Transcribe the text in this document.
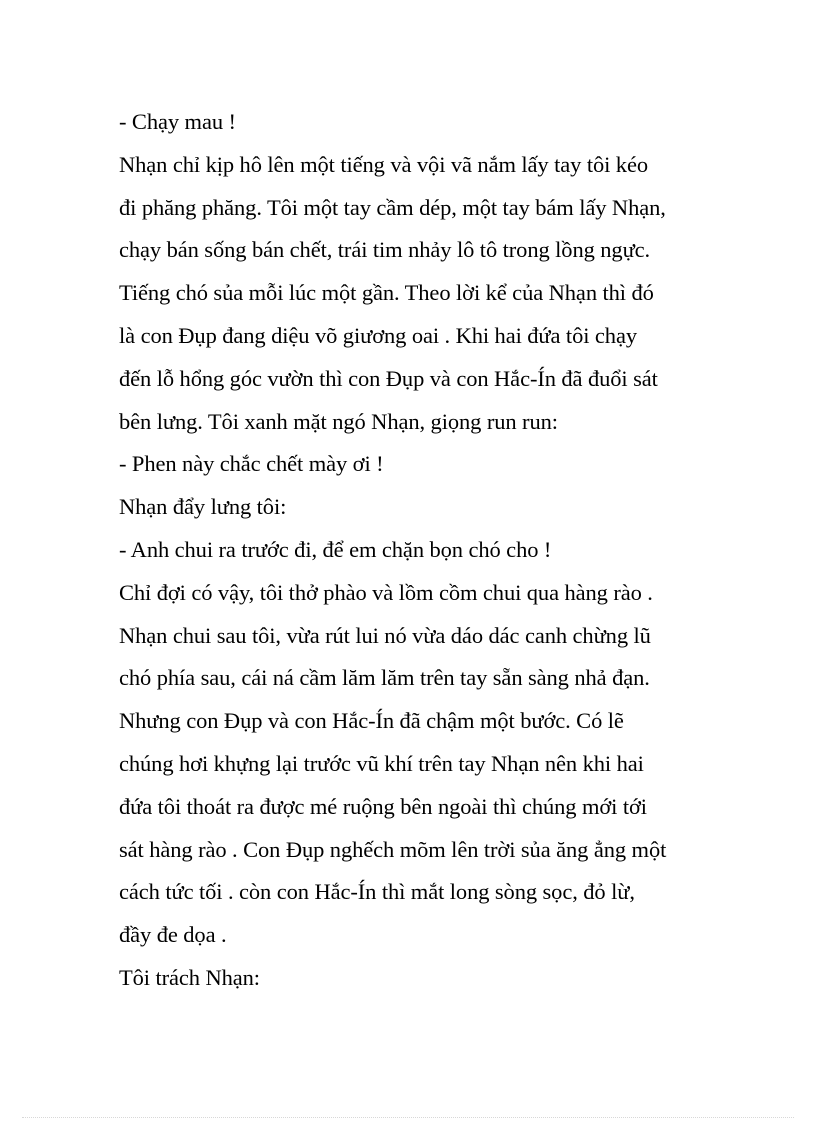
- Chạy mau !
Nhạn chỉ kịp hô lên một tiếng và vội vã nắm lấy tay tôi kéo
đi phăng phăng. Tôi một tay cầm dép, một tay bám lấy Nhạn,
chạy bán sống bán chết, trái tim nhảy lô tô trong lồng ngực.
Tiếng chó sủa mỗi lúc một gần. Theo lời kể của Nhạn thì đó
là con Đụp đang diệu võ giương oai . Khi hai đứa tôi chạy
đến lỗ hổng góc vườn thì con Đụp và con Hắc-Ín đã đuổi sát
bên lưng. Tôi xanh mặt ngó Nhạn, giọng run run:
- Phen này chắc chết mày ơi !
Nhạn đẩy lưng tôi:
- Anh chui ra trước đi, để em chặn bọn chó cho !
Chỉ đợi có vậy, tôi thở phào và lồm cồm chui qua hàng rào .
Nhạn chui sau tôi, vừa rút lui nó vừa dáo dác canh chừng lũ
chó phía sau, cái ná cầm lăm lăm trên tay sẵn sàng nhả đạn.
Nhưng con Đụp và con Hắc-Ín đã chậm một bước. Có lẽ
chúng hơi khựng lại trước vũ khí trên tay Nhạn nên khi hai
đứa tôi thoát ra được mé ruộng bên ngoài thì chúng mới tới
sát hàng rào . Con Đụp nghếch mõm lên trời sủa ăng ẳng một
cách tức tối . còn con Hắc-Ín thì mắt long sòng sọc, đỏ lừ,
đầy đe dọa .
Tôi trách Nhạn:
